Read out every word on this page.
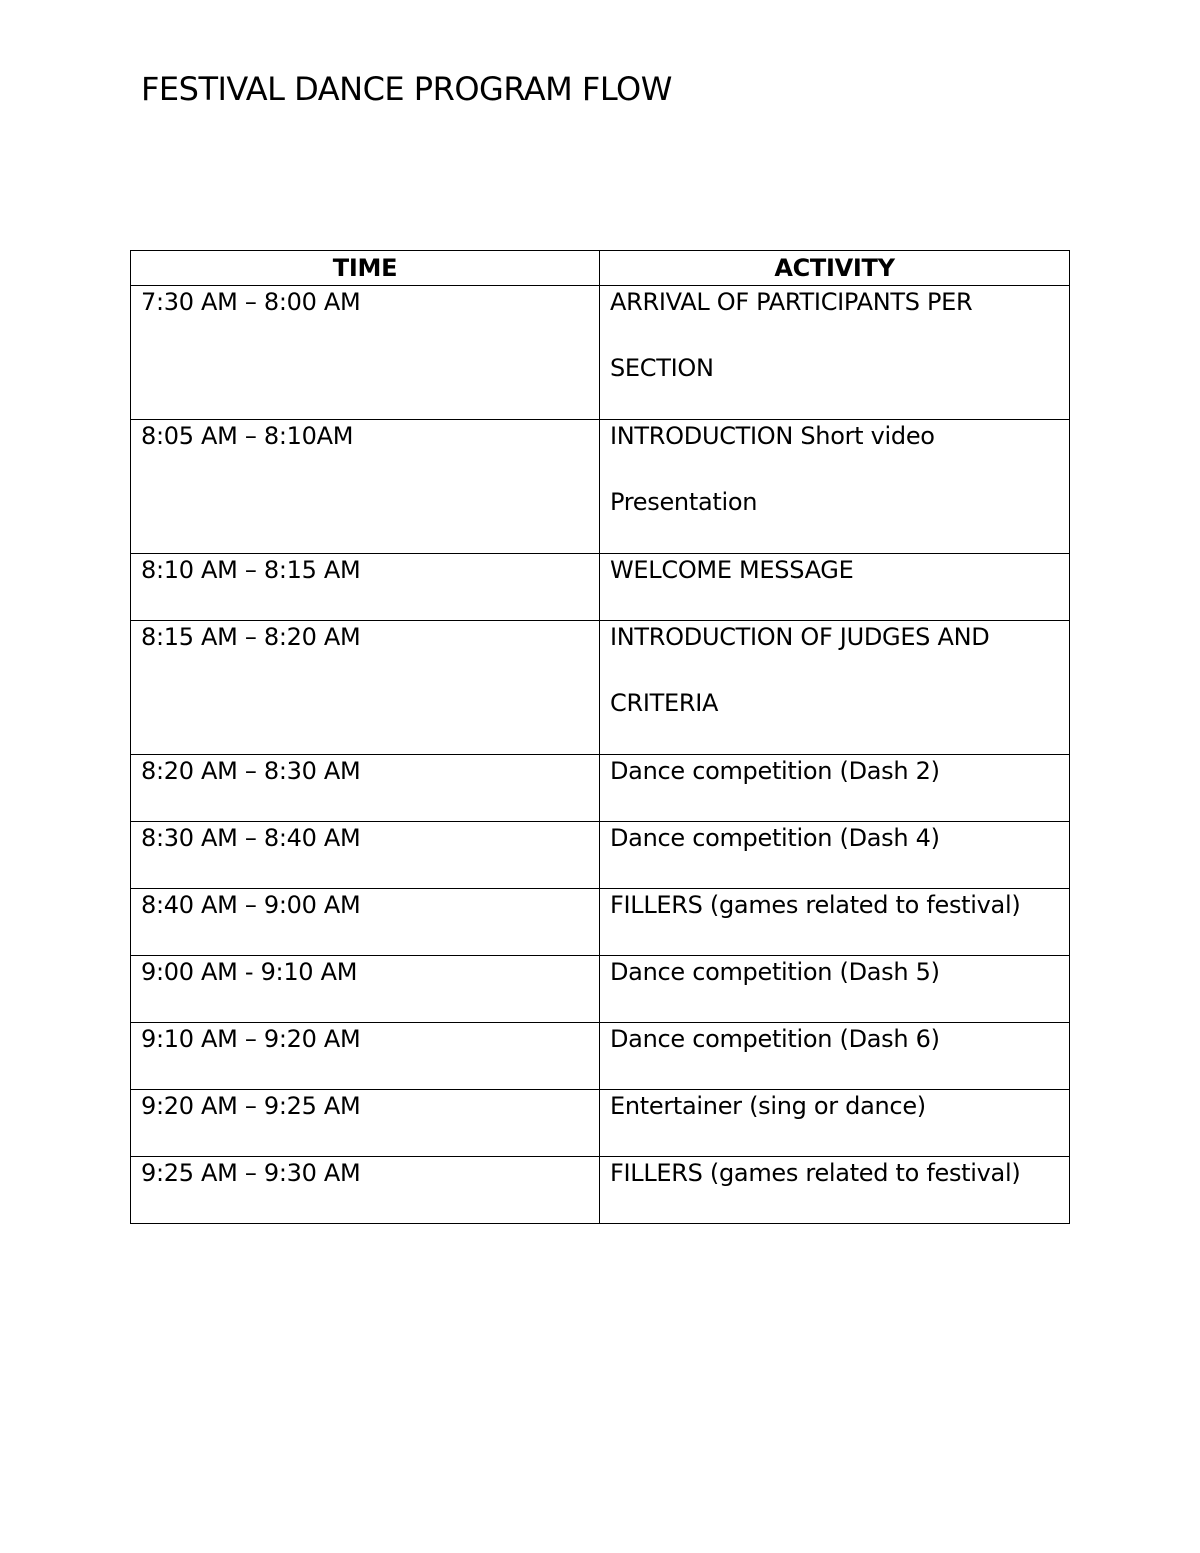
FESTIVAL DANCE PROGRAM FLOW
TIME	ACTIVITY

7:30 AM – 8:00 AM	ARRIVAL OF PARTICIPANTS PER SECTION

8:05 AM – 8:10AM	INTRODUCTION Short video Presentation

8:10 AM – 8:15 AM	WELCOME MESSAGE

8:15 AM – 8:20 AM	INTRODUCTION OF JUDGES AND CRITERIA

8:20 AM – 8:30 AM	Dance competition (Dash 2)

8:30 AM – 8:40 AM	Dance competition (Dash 4)

8:40 AM – 9:00 AM	FILLERS (games related to festival)

9:00 AM - 9:10 AM	Dance competition (Dash 5)

9:10 AM – 9:20 AM	Dance competition (Dash 6)

9:20 AM – 9:25 AM	Entertainer (sing or dance)

9:25 AM – 9:30 AM	FILLERS (games related to festival)
